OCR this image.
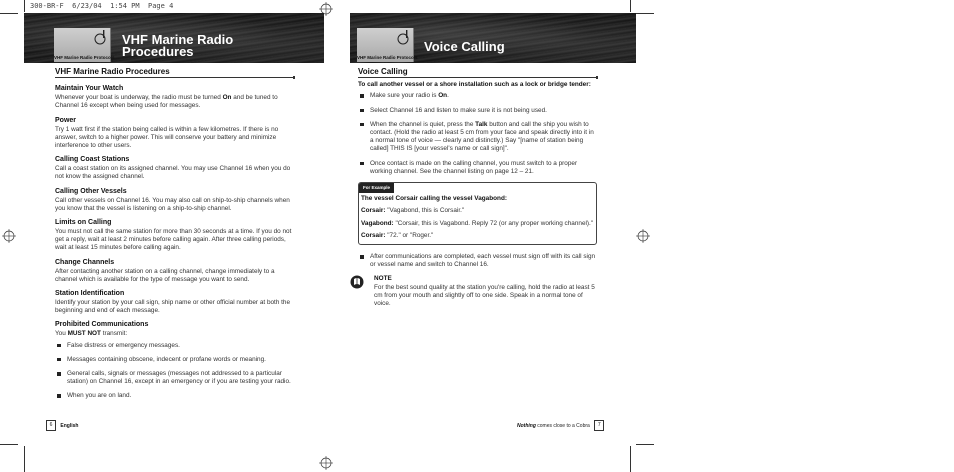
300-BR-F  6/23/04  1:54 PM  Page 4
VHF Marine Radio Protocols
VHF Marine Radio
Procedures	VHF Marine Radio Protocols
Voice Calling
VHF Marine Radio Procedures
Maintain Your Watch

Whenever your boat is underway, the radio must be turned On and be tuned to Channel 16 except when being used for messages.

Power

Try 1 watt first if the station being called is within a few kilometres. If there is no answer, switch to a higher power. This will conserve your battery and minimize interference to other users.

Calling Coast Stations

Call a coast station on its assigned channel. You may use Channel 16 when you do not know the assigned channel.

Calling Other Vessels

Call other vessels on Channel 16. You may also call on ship-to-ship channels when you know that the vessel is listening on a ship-to-ship channel.

Limits on Calling

You must not call the same station for more than 30 seconds at a time. If you do not get a reply, wait at least 2 minutes before calling again. After three calling periods, wait at least 15 minutes before calling again.

Change Channels

After contacting another station on a calling channel, change immediately to a channel which is available for the type of message you want to send.

Station Identification

Identify your station by your call sign, ship name or other official number at both the beginning and end of each message.

Prohibited Communications

You MUST NOT transmit:

False distress or emergency messages.
Messages containing obscene, indecent or profane words or meaning.
General calls, signals or messages (messages not addressed to a particular station) on Channel 16, except in an emergency or if you are testing your radio.
When you are on land.
Voice Calling

To call another vessel or a shore installation such as a lock or bridge tender:

Make sure your radio is On.
Select Channel 16 and listen to make sure it is not being used.
When the channel is quiet, press the Talk button and call the ship you wish to contact. (Hold the radio at least 5 cm from your face and speak directly into it in a normal tone of voice — clearly and distinctly.) Say "[name of station being called] THIS IS [your vessel's name or call sign]".
Once contact is made on the calling channel, you must switch to a proper working channel. See the channel listing on page 12 – 21.
For Example

The vessel Corsair calling the vessel Vagabond:

Corsair: "Vagabond, this is Corsair."

Vagabond: "Corsair, this is Vagabond. Reply 72 (or any proper working channel)."

Corsair: "72." or "Roger."

After communications are completed, each vessel must sign off with its call sign or vessel name and switch to Channel 16.
NOTE

For the best sound quality at the station you're calling, hold the radio at least 5 cm from your mouth and slightly off to one side. Speak in a normal tone of voice.

6 English	Nothing comes close to a Cobra 7
